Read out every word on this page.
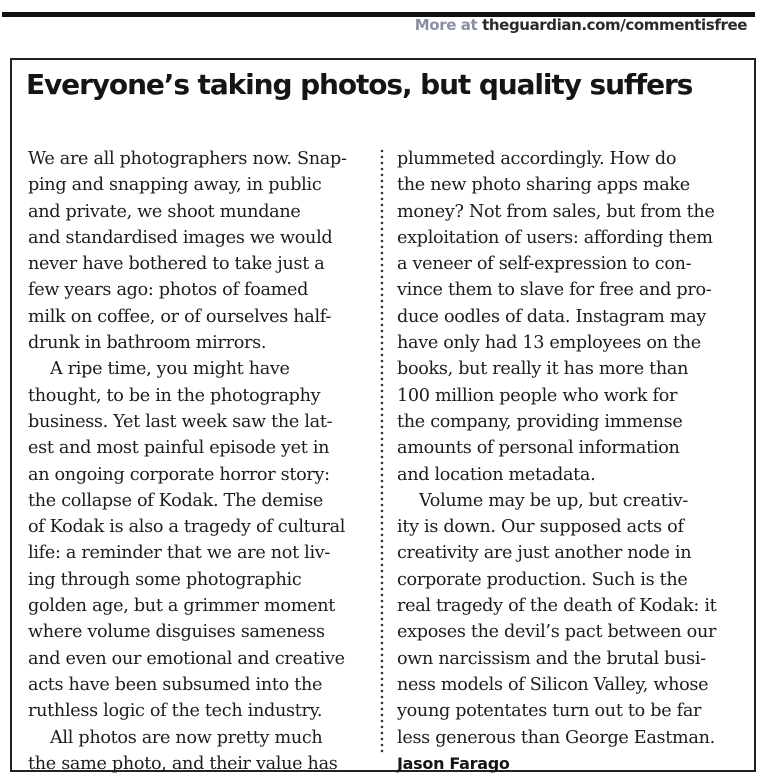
More at theguardian.com/commentisfree
Everyone’s taking photos, but quality suffers
We are all photographers now. Snap-
ping and snapping away, in public
and private, we shoot mundane
and standardised images we would
never have bothered to take just a
few years ago: photos of foamed
milk on coffee, or of ourselves half-
drunk in bathroom mirrors.
A ripe time, you might have
thought, to be in the photography
business. Yet last week saw the lat-
est and most painful episode yet in
an ongoing corporate horror story:
the collapse of Kodak. The demise
of Kodak is also a tragedy of cultural
life: a reminder that we are not liv-
ing through some photographic
golden age, but a grimmer moment
where volume disguises sameness
and even our emotional and creative
acts have been subsumed into the
ruthless logic of the tech industry.
All photos are now pretty much
the same photo, and their value has
plummeted accordingly. How do
the new photo sharing apps make
money? Not from sales, but from the
exploitation of users: affording them
a veneer of self-expression to con-
vince them to slave for free and pro-
duce oodles of data. Instagram may
have only had 13 employees on the
books, but really it has more than
100 million people who work for
the company, providing immense
amounts of personal information
and location metadata.
Volume may be up, but creativ-
ity is down. Our supposed acts of
creativity are just another node in
corporate production. Such is the
real tragedy of the death of Kodak: it
exposes the devil’s pact between our
own narcissism and the brutal busi-
ness models of Silicon Valley, whose
young potentates turn out to be far
less generous than George Eastman.
Jason Farago
